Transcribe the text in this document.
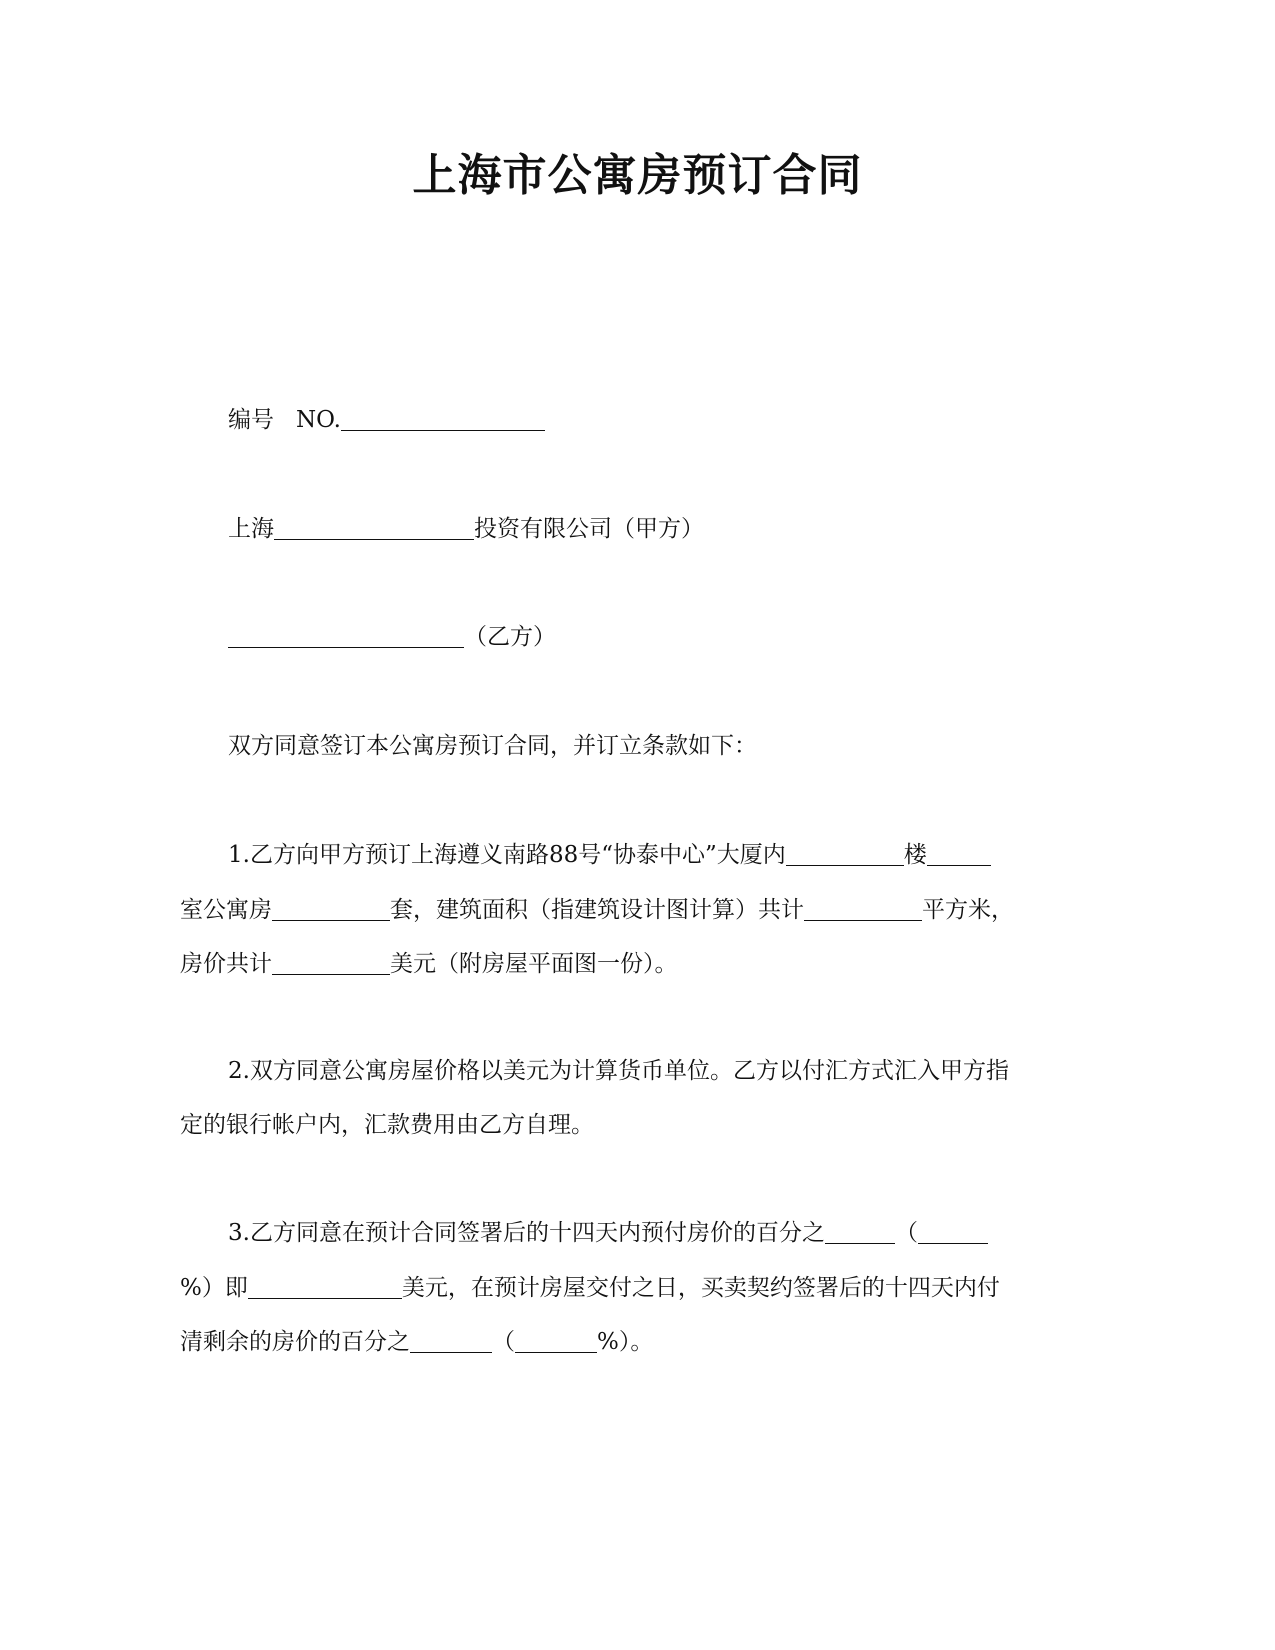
上海市公寓房预订合同
编号 NO.
上海	投资有限公司（甲方）
（乙方）
双方同意签订本公寓房预订合同，并订立条款如下：
1.乙方向甲方预订上海遵义南路88号“协泰中心”大厦内	楼
室公寓房	套，建筑面积（指建筑设计图计算）共计	平方米，
房价共计	美元（附房屋平面图一份）。
2.双方同意公寓房屋价格以美元为计算货币单位。乙方以付汇方式汇入甲方指
定的银行帐户内，汇款费用由乙方自理。
3.乙方同意在预计合同签署后的十四天内预付房价的百分之	（
%）即	美元，在预计房屋交付之日，买卖契约签署后的十四天内付
清剩余的房价的百分之	（	%）。
